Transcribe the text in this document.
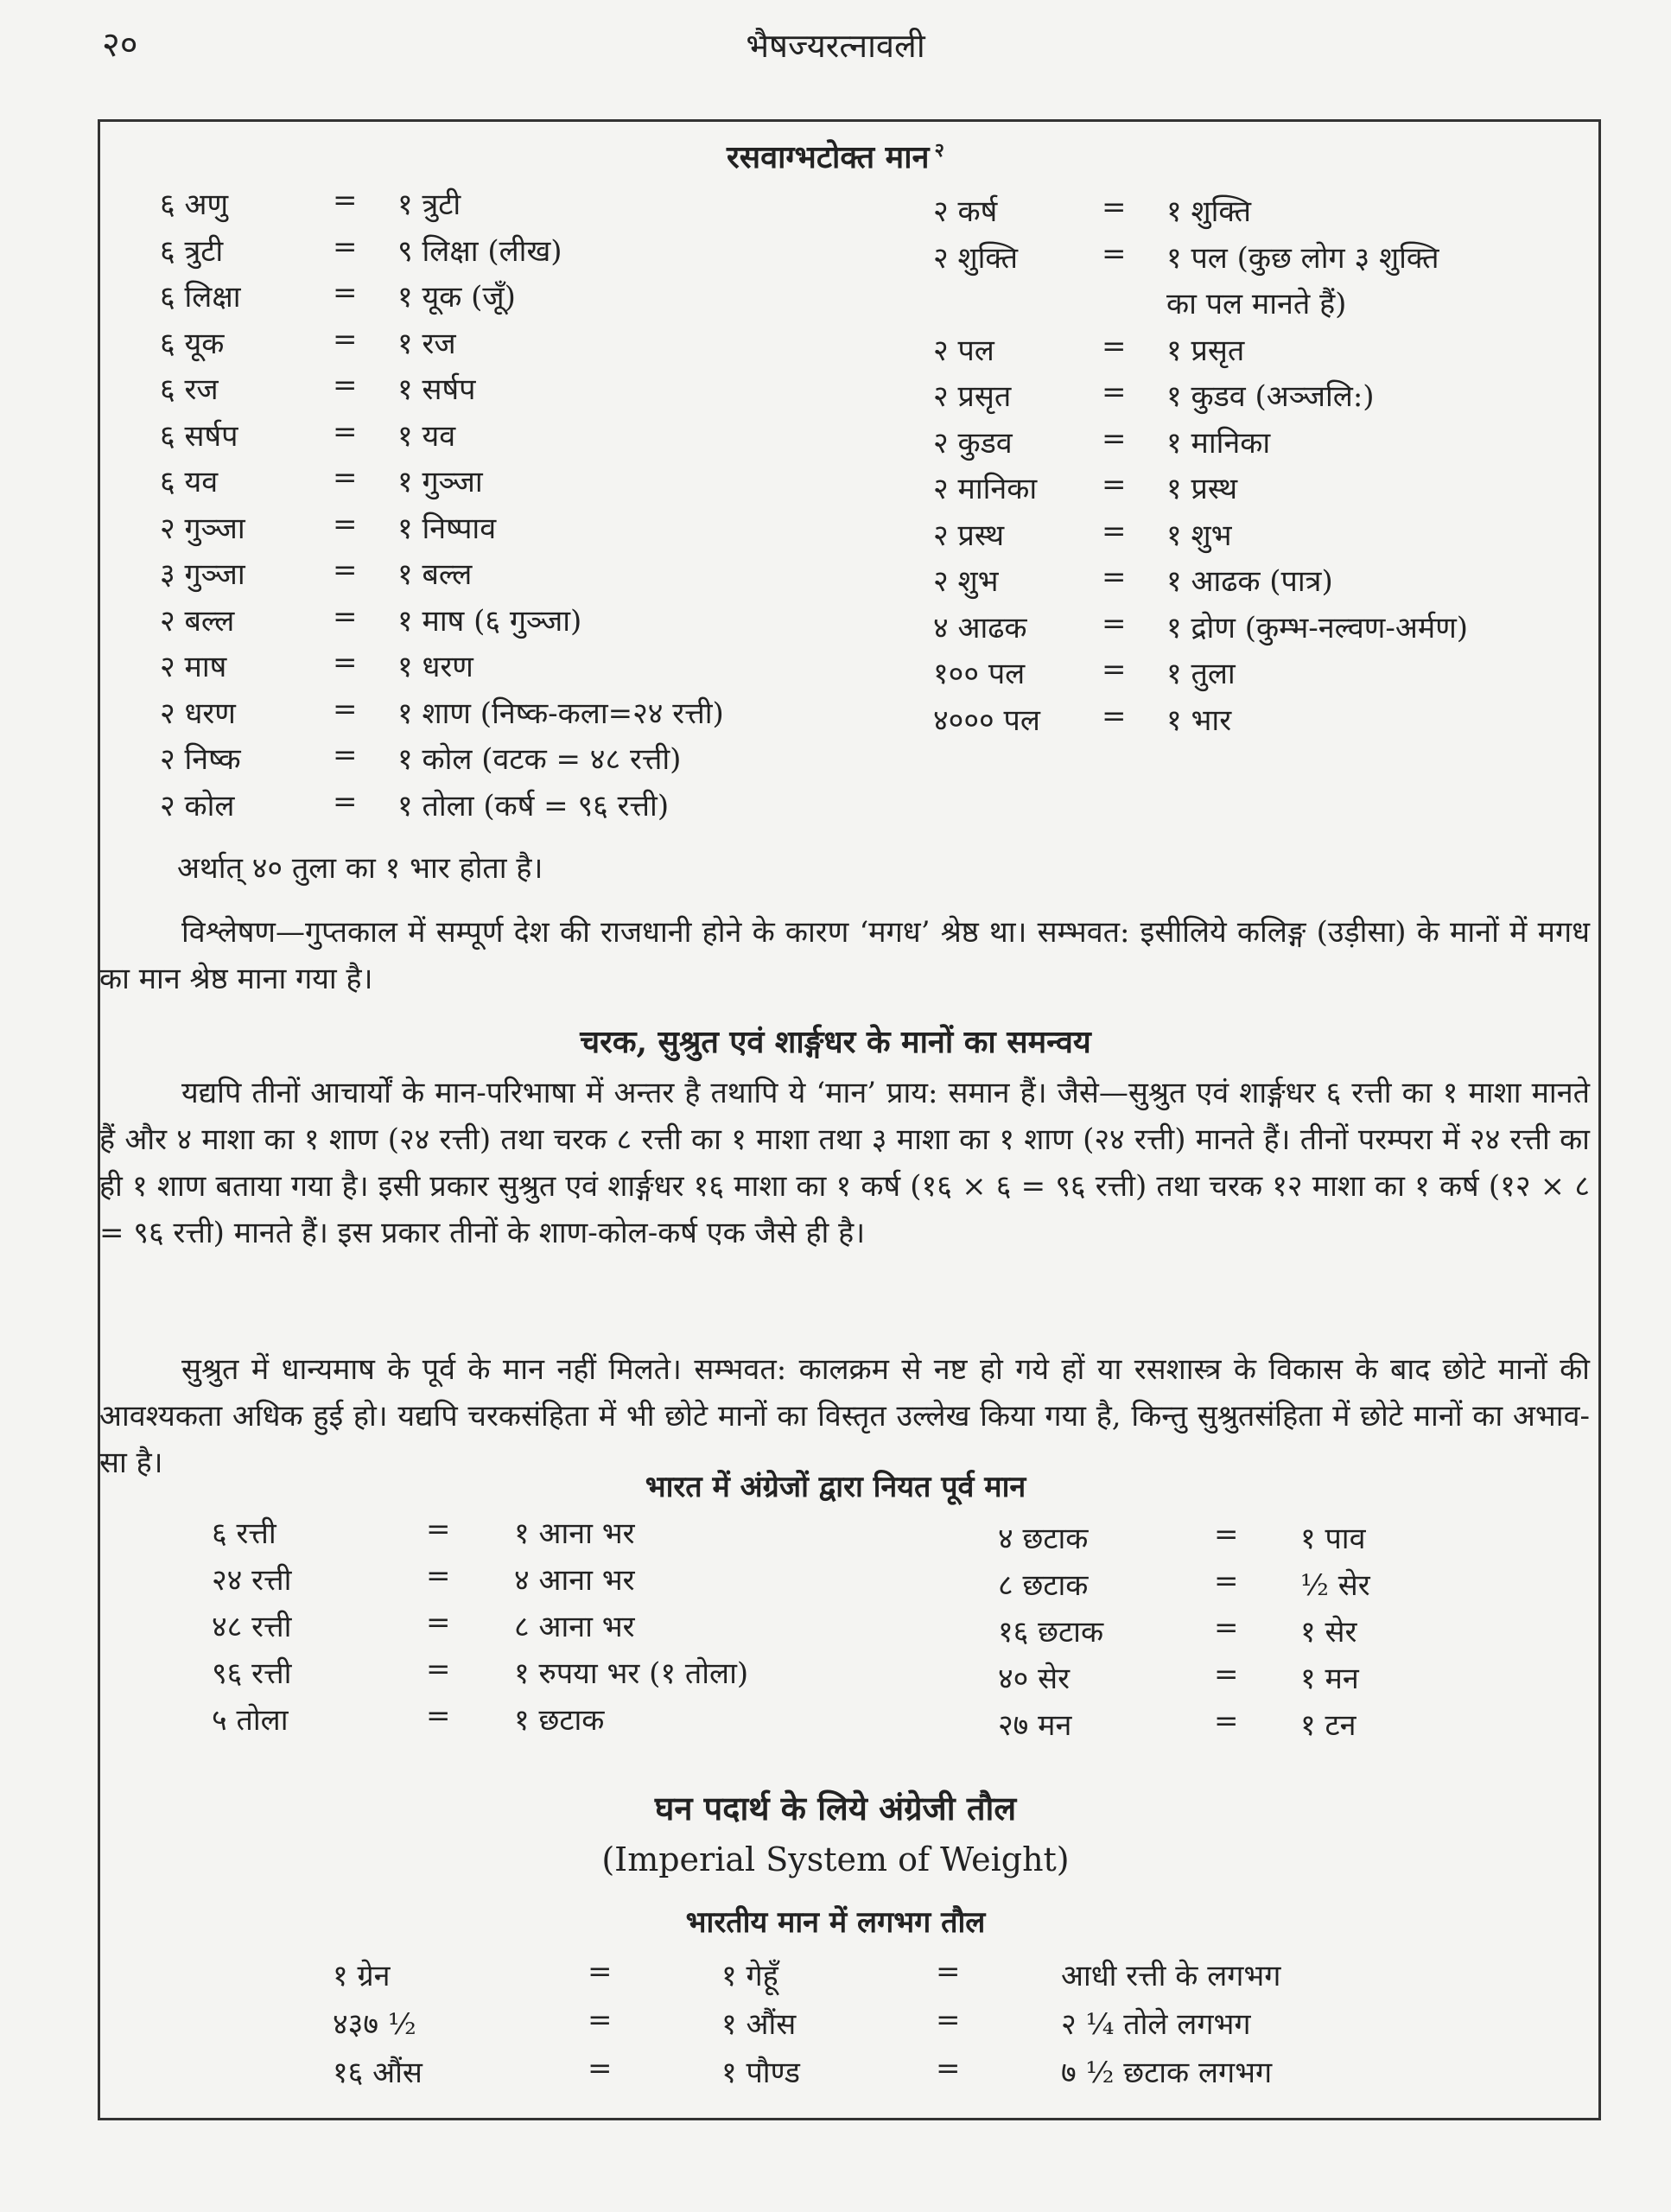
२०	भैषज्यरत्नावली
रसवाग्भटोक्त मान $^२$
६ अणु	= १ त्रुटी
६ त्रुटी	= ९ लिक्षा (लीख)
६ लिक्षा	= १ यूक (जूँ)
६ यूक	= १ रज
६ रज	= १ सर्षप
६ सर्षप	= १ यव
६ यव	= १ गुञ्जा
२ गुञ्जा	= १ निष्पाव
३ गुञ्जा	= १ बल्ल
२ बल्ल	= १ माष (६ गुञ्जा)
२ माष	= १ धरण
२ धरण	= १ शाण (निष्क-कला=२४ रत्ती)
२ निष्क	= १ कोल (वटक = ४८ रत्ती)
२ कोल	= १ तोला (कर्ष = ९६ रत्ती)
२ कर्ष	= १ शुक्ति
२ शुक्ति	= १ पल (कुछ लोग ३ शुक्ति
का पल मानते हैं)
२ पल	= १ प्रसृत
२ प्रसृत	= १ कुडव (अञ्जलि:)
२ कुडव	= १ मानिका
२ मानिका = १ प्रस्थ
२ प्रस्थ	= १ शुभ
२ शुभ	= १ आढक (पात्र)
४ आढक	= १ द्रोण (कुम्भ-नल्वण-अर्मण)
१०० पल	= १ तुला
४००० पल = १ भार
अर्थात् ४० तुला का १ भार होता है।

विश्लेषण—गुप्तकाल में सम्पूर्ण देश की राजधानी होने के कारण ‘मगध’ श्रेष्ठ था। सम्भवत: इसीलिये कलिङ्ग (उड़ीसा) के मानों में मगध का मान श्रेष्ठ माना गया है।

चरक, सुश्रुत एवं शार्ङ्गधर के मानों का समन्वय

यद्यपि तीनों आचार्यों के मान-परिभाषा में अन्तर है तथापि ये ‘मान’ प्राय: समान हैं। जैसे—सुश्रुत एवं शार्ङ्गधर ६ रत्ती का १ माशा मानते हैं और ४ माशा का १ शाण (२४ रत्ती) तथा चरक ८ रत्ती का १ माशा तथा ३ माशा का १ शाण (२४ रत्ती) मानते हैं। तीनों परम्परा में २४ रत्ती का ही १ शाण बताया गया है। इसी प्रकार सुश्रुत एवं शार्ङ्गधर १६ माशा का १ कर्ष (१६ × ६ = ९६ रत्ती) तथा चरक १२ माशा का १ कर्ष (१२ × ८ = ९६ रत्ती) मानते हैं। इस प्रकार तीनों के शाण-कोल-कर्ष एक जैसे ही है।

सुश्रुत में धान्यमाष के पूर्व के मान नहीं मिलते। सम्भवत: कालक्रम से नष्ट हो गये हों या रसशास्त्र के विकास के बाद छोटे मानों की आवश्यकता अधिक हुई हो। यद्यपि चरकसंहिता में भी छोटे मानों का विस्तृत उल्लेख किया गया है, किन्तु सुश्रुतसंहिता में छोटे मानों का अभाव-सा है।

भारत में अंग्रेजों द्वारा नियत पूर्व मान
६ रत्ती	= १ आना भर
२४ रत्ती	= ४ आना भर
४८ रत्ती	= ८ आना भर
९६ रत्ती	= १ रुपया भर (१ तोला)
५ तोला	= १ छटाक
४ छटाक	= १ पाव
८ छटाक	= ½ सेर
१६ छटाक	= १ सेर
४० सेर	= १ मन
२७ मन	= १ टन
घन पदार्थ के लिये अंग्रेजी तौल
(Imperial System of Weight)
भारतीय मान में लगभग तौल
१ ग्रेन	=	१ गेहूँ	=	आधी रत्ती के लगभग
४३७ ½	=	१ औंस	=	२ ¼ तोले लगभग
१६ औंस	=	१ पौण्ड	=	७ ½ छटाक लगभग
